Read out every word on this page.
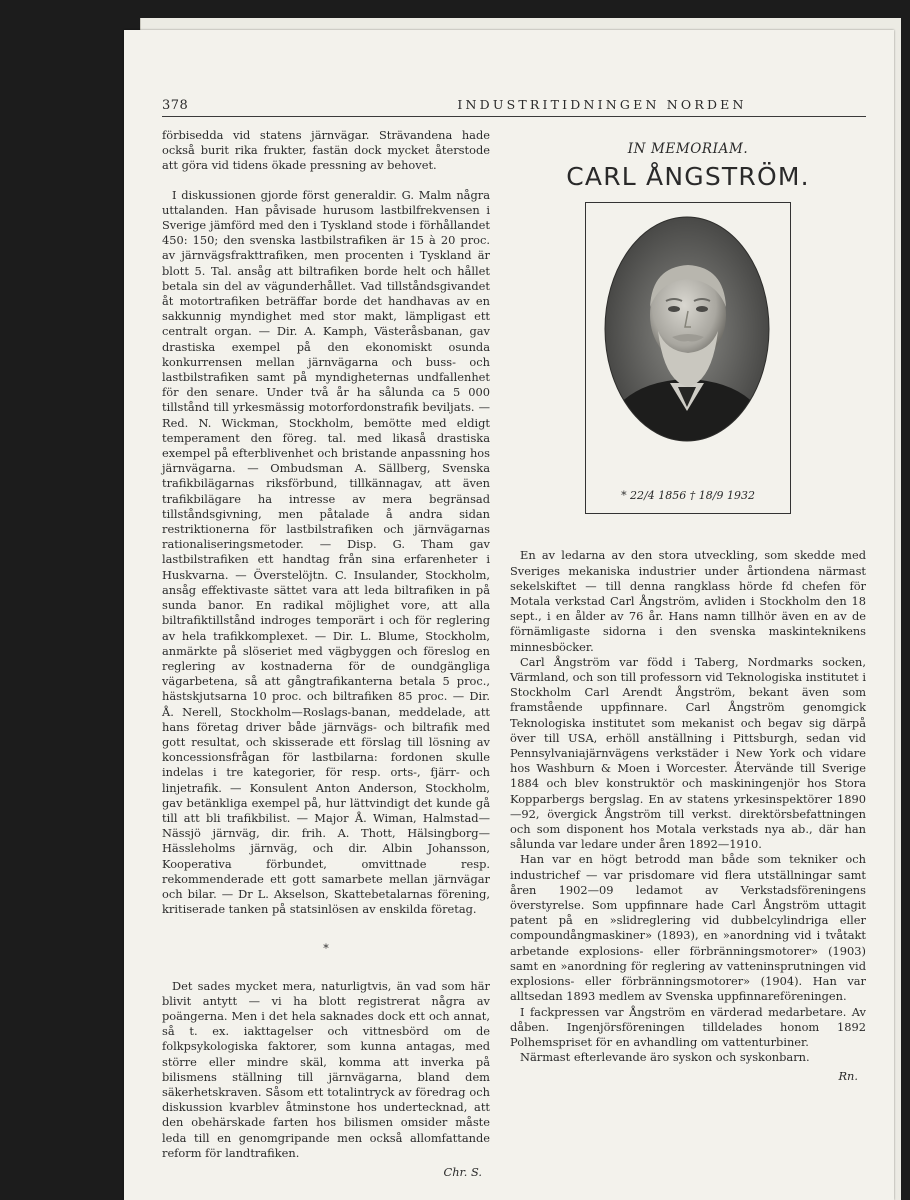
378	INDUSTRITIDNINGEN NORDEN

förbisedda vid statens järnvägar. Strävandena hade också burit rika frukter, fastän dock mycket återstode att göra vid tidens ökade pressning av behovet.

I diskussionen gjorde först generaldir. G. Malm några uttalanden. Han påvisade hurusom lastbilfrekvensen i Sverige jämförd med den i Tyskland stode i förhållandet 450: 150; den svenska lastbilstrafiken är 15 à 20 proc. av järnvägsfrakttrafiken, men procenten i Tyskland är blott 5. Tal. ansåg att biltrafiken borde helt och hållet betala sin del av vägunderhållet. Vad tillståndsgivandet åt motortrafiken beträffar borde det handhavas av en sakkunnig myndighet med stor makt, lämpligast ett centralt organ. — Dir. A. Kamph, Västeråsbanan, gav drastiska exempel på den ekonomiskt osunda konkurrensen mellan järnvägarna och buss- och lastbilstrafiken samt på myndigheternas undfallenhet för den senare. Under två år ha sålunda ca 5 000 tillstånd till yrkesmässig motorfordonstrafik beviljats. — Red. N. Wickman, Stockholm, bemötte med eldigt temperament den föreg. tal. med likaså drastiska exempel på efterblivenhet och bristande anpassning hos järnvägarna. — Ombudsman A. Sällberg, Svenska trafikbilägarnas riksförbund, tillkännagav, att även trafikbilägare ha intresse av mera begränsad tillståndsgivning, men påtalade å andra sidan restriktionerna för lastbilstrafiken och järnvägarnas rationaliseringsmetoder. — Disp. G. Tham gav lastbilstrafiken ett handtag från sina erfarenheter i Huskvarna. — Överstelöjtn. C. Insulander, Stockholm, ansåg effektivaste sättet vara att leda biltrafiken in på sunda banor. En radikal möjlighet vore, att alla biltrafiktillstånd indroges temporärt i och för reglering av hela trafikkomplexet. — Dir. L. Blume, Stockholm, anmärkte på slöseriet med vägbyggen och föreslog en reglering av kostnaderna för de oundgängliga vägarbetena, så att gångtrafikanterna betala 5 proc., hästskjutsarna 10 proc. och biltrafiken 85 proc. — Dir. Å. Nerell, Stockholm—Roslags-banan, meddelade, att hans företag driver både järnvägs- och biltrafik med gott resultat, och skisserade ett förslag till lösning av koncessionsfrågan för lastbilarna: fordonen skulle indelas i tre kategorier, för resp. orts-, fjärr- och linjetrafik. — Konsulent Anton Anderson, Stockholm, gav betänkliga exempel på, hur lättvindigt det kunde gå till att bli trafikbilist. — Major Å. Wiman, Halmstad—Nässjö järnväg, dir. frih. A. Thott, Hälsingborg—Hässleholms järnväg, och dir. Albin Johansson, Kooperativa förbundet, omvittnade resp. rekommenderade ett gott samarbete mellan järnvägar och bilar. — Dr L. Akselson, Skattebetalarnas förening, kritiserade tanken på statsinlösen av enskilda företag.

*

Det sades mycket mera, naturligtvis, än vad som här blivit antytt — vi ha blott registrerat några av poängerna. Men i det hela saknades dock ett och annat, så t. ex. iakttagelser och vittnesbörd om de folkpsykologiska faktorer, som kunna antagas, med större eller mindre skäl, komma att inverka på bilismens ställning till järnvägarna, bland dem säkerhetskraven. Såsom ett totalintryck av föredrag och diskussion kvarblev åtminstone hos undertecknad, att den obehärskade farten hos bilismen omsider måste leda till en genomgripande men också allomfattande reform för landtrafiken.

Chr. S.
IN MEMORIAM.
CARL ÅNGSTRÖM.
* 22/4 1856 † 18/9 1932

En av ledarna av den stora utveckling, som skedde med Sveriges mekaniska industrier under årtiondena närmast sekelskiftet — till denna rangklass hörde fd chefen för Motala verkstad Carl Ångström, avliden i Stockholm den 18 sept., i en ålder av 76 år. Hans namn tillhör även en av de förnämligaste sidorna i den svenska maskinteknikens minnesböcker.

Carl Ångström var född i Taberg, Nordmarks socken, Värmland, och son till professorn vid Teknologiska institutet i Stockholm Carl Arendt Ångström, bekant även som framstående uppfinnare. Carl Ångström genomgick Teknologiska institutet som mekanist och begav sig därpå över till USA, erhöll anställning i Pittsburgh, sedan vid Pennsylvaniajärnvägens verkstäder i New York och vidare hos Washburn & Moen i Worcester. Återvände till Sverige 1884 och blev konstruktör och maskiningenjör hos Stora Kopparbergs bergslag. En av statens yrkesinspektörer 1890—92, övergick Ångström till verkst. direktörsbefattningen och som disponent hos Motala verkstads nya ab., där han sålunda var ledare under åren 1892—1910.

Han var en högt betrodd man både som tekniker och industrichef — var prisdomare vid flera utställningar samt åren 1902—09 ledamot av Verkstadsföreningens överstyrelse. Som uppfinnare hade Carl Ångström uttagit patent på en »slidreglering vid dubbelcylindriga eller compoundångmaskiner» (1893), en »anordning vid i tvåtakt arbetande explosions- eller förbränningsmotorer» (1903) samt en »anordning för reglering av vatteninsprutningen vid explosions- eller förbränningsmotorer» (1904). Han var alltsedan 1893 medlem av Svenska uppfinnareföreningen.

I fackpressen var Ångström en värderad medarbetare. Av dåben. Ingenjörsföreningen tilldelades honom 1892 Polhemspriset för en avhandling om vattenturbiner.

Närmast efterlevande äro syskon och syskonbarn.

Rn.
